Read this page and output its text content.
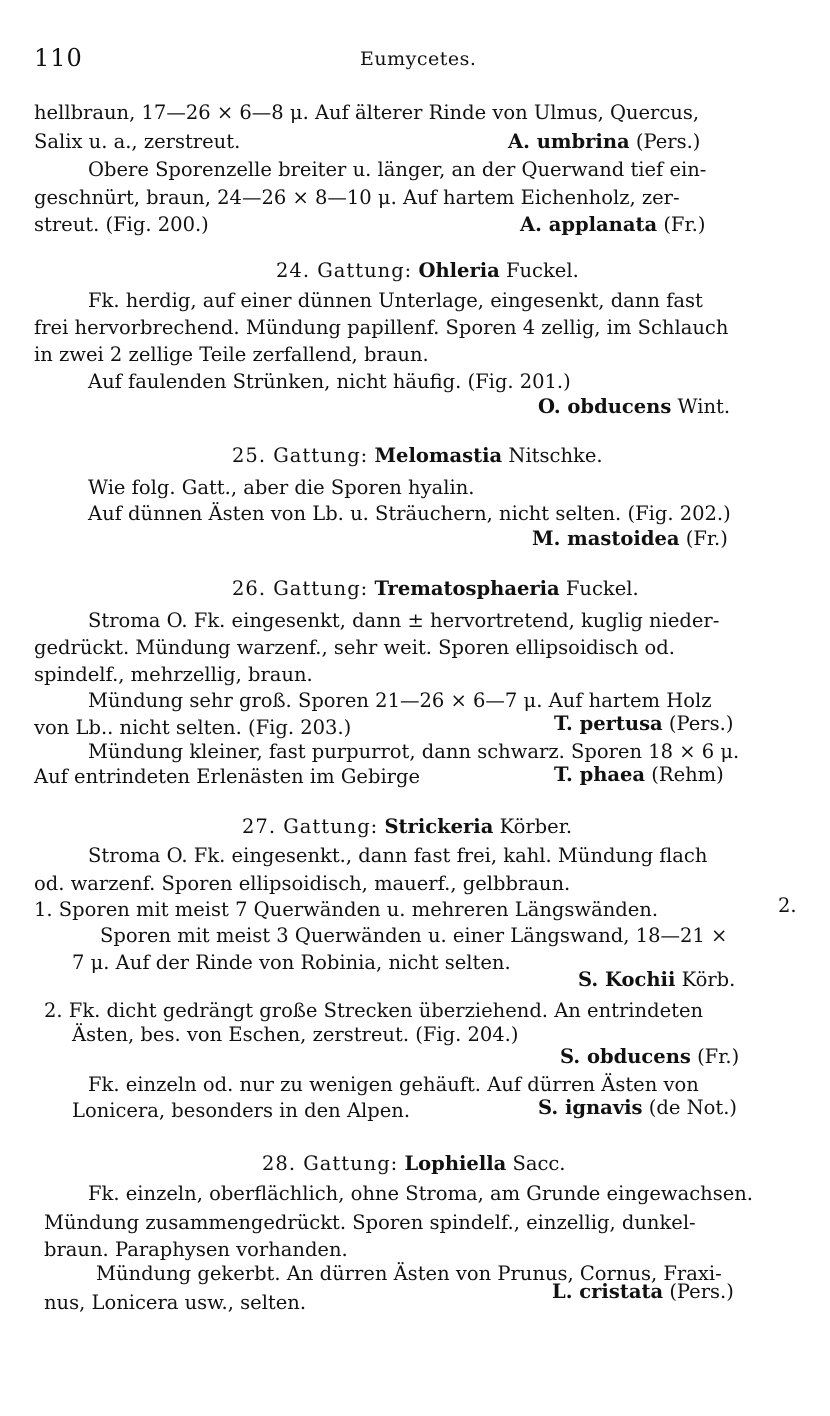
110	Eumycetes.
hellbraun, 17—26 × 6—8 μ. Auf älterer Rinde von Ulmus, Quercus,
Salix u. a., zerstreut.	A. umbrina (Pers.)
Obere Sporenzelle breiter u. länger, an der Querwand tief ein-
geschnürt, braun, 24—26 × 8—10 μ. Auf hartem Eichenholz, zer-
streut. (Fig. 200.)	A. applanata (Fr.)
24. Gattung: Ohleria Fuckel.
Fk. herdig, auf einer dünnen Unterlage, eingesenkt, dann fast
frei hervorbrechend. Mündung papillenf. Sporen 4 zellig, im Schlauch
in zwei 2 zellige Teile zerfallend, braun.
Auf faulenden Strünken, nicht häufig. (Fig. 201.)
O. obducens Wint.
25. Gattung: Melomastia Nitschke.
Wie folg. Gatt., aber die Sporen hyalin.
Auf dünnen Ästen von Lb. u. Sträuchern, nicht selten. (Fig. 202.)
M. mastoidea (Fr.)
26. Gattung: Trematosphaeria Fuckel.
Stroma O. Fk. eingesenkt, dann ± hervortretend, kuglig nieder-
gedrückt. Mündung warzenf., sehr weit. Sporen ellipsoidisch od.
spindelf., mehrzellig, braun.
Mündung sehr groß. Sporen 21—26 × 6—7 μ. Auf hartem Holz
von Lb.. nicht selten. (Fig. 203.)	T. pertusa (Pers.)
Mündung kleiner, fast purpurrot, dann schwarz. Sporen 18 × 6 μ.
Auf entrindeten Erlenästen im Gebirge	T. phaea (Rehm)
27. Gattung: Strickeria Körber.
Stroma O. Fk. eingesenkt., dann fast frei, kahl. Mündung flach
od. warzenf. Sporen ellipsoidisch, mauerf., gelbbraun.
1. Sporen mit meist 7 Querwänden u. mehreren Längswänden.	2.
Sporen mit meist 3 Querwänden u. einer Längswand, 18—21 ×
7 μ. Auf der Rinde von Robinia, nicht selten.
S. Kochii Körb.
2. Fk. dicht gedrängt große Strecken überziehend. An entrindeten
Ästen, bes. von Eschen, zerstreut. (Fig. 204.)
S. obducens (Fr.)
Fk. einzeln od. nur zu wenigen gehäuft. Auf dürren Ästen von
Lonicera, besonders in den Alpen.	S. ignavis (de Not.)
28. Gattung: Lophiella Sacc.
Fk. einzeln, oberflächlich, ohne Stroma, am Grunde eingewachsen.
Mündung zusammengedrückt. Sporen spindelf., einzellig, dunkel-
braun. Paraphysen vorhanden.
Mündung gekerbt. An dürren Ästen von Prunus, Cornus, Fraxi-
nus, Lonicera usw., selten.	L. cristata (Pers.)
